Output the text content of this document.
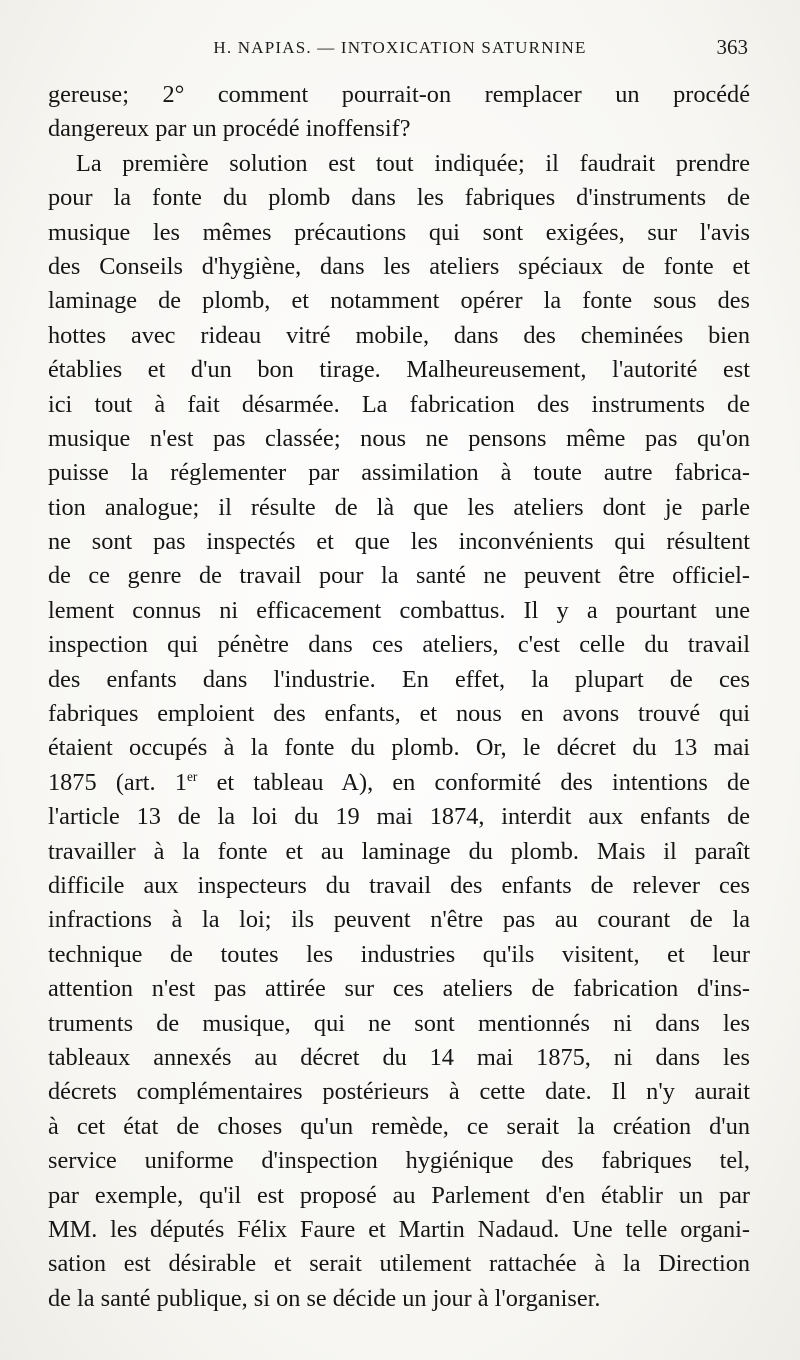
H. NAPIAS. — INTOXICATION SATURNINE	363
gereuse; 2° comment pourrait-on remplacer un procédé
dangereux par un procédé inoffensif?
La première solution est tout indiquée; il faudrait prendre
pour la fonte du plomb dans les fabriques d'instruments de
musique les mêmes précautions qui sont exigées, sur l'avis
des Conseils d'hygiène, dans les ateliers spéciaux de fonte et
laminage de plomb, et notamment opérer la fonte sous des
hottes avec rideau vitré mobile, dans des cheminées bien
établies et d'un bon tirage. Malheureusement, l'autorité est
ici tout à fait désarmée. La fabrication des instruments de
musique n'est pas classée; nous ne pensons même pas qu'on
puisse la réglementer par assimilation à toute autre fabrica-
tion analogue; il résulte de là que les ateliers dont je parle
ne sont pas inspectés et que les inconvénients qui résultent
de ce genre de travail pour la santé ne peuvent être officiel-
lement connus ni efficacement combattus. Il y a pourtant une
inspection qui pénètre dans ces ateliers, c'est celle du travail
des enfants dans l'industrie. En effet, la plupart de ces
fabriques emploient des enfants, et nous en avons trouvé qui
étaient occupés à la fonte du plomb. Or, le décret du 13 mai
1875 (art. 1er et tableau A), en conformité des intentions de
l'article 13 de la loi du 19 mai 1874, interdit aux enfants de
travailler à la fonte et au laminage du plomb. Mais il paraît
difficile aux inspecteurs du travail des enfants de relever ces
infractions à la loi; ils peuvent n'être pas au courant de la
technique de toutes les industries qu'ils visitent, et leur
attention n'est pas attirée sur ces ateliers de fabrication d'ins-
truments de musique, qui ne sont mentionnés ni dans les
tableaux annexés au décret du 14 mai 1875, ni dans les
décrets complémentaires postérieurs à cette date. Il n'y aurait
à cet état de choses qu'un remède, ce serait la création d'un
service uniforme d'inspection hygiénique des fabriques tel,
par exemple, qu'il est proposé au Parlement d'en établir un par
MM. les députés Félix Faure et Martin Nadaud. Une telle organi-
sation est désirable et serait utilement rattachée à la Direction
de la santé publique, si on se décide un jour à l'organiser.
